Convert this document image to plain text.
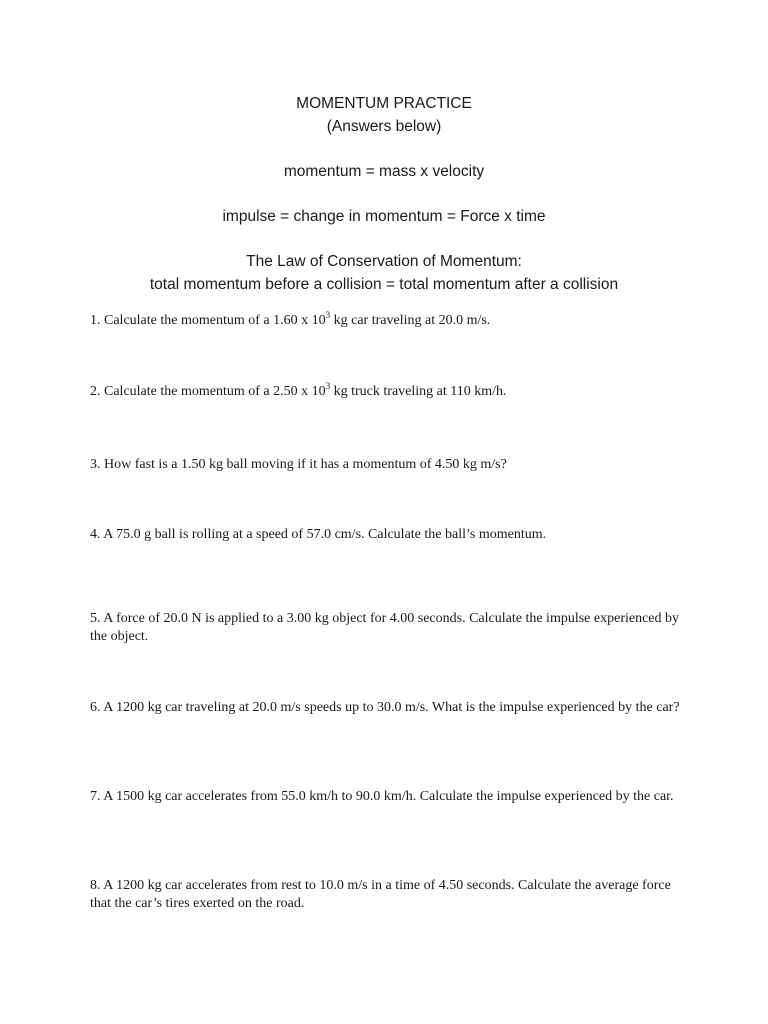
MOMENTUM PRACTICE
(Answers below)
momentum = mass x velocity
impulse = change in momentum = Force x time
The Law of Conservation of Momentum:
total momentum before a collision = total momentum after a collision
1. Calculate the momentum of a 1.60 x $10^3$ kg car traveling at 20.0 m/s.
2. Calculate the momentum of a 2.50 x $10^3$ kg truck traveling at 110 km/h.
3. How fast is a 1.50 kg ball moving if it has a momentum of 4.50 kg m/s?
4. A 75.0 g ball is rolling at a speed of 57.0 cm/s. Calculate the ball’s momentum.
5. A force of 20.0 N is applied to a 3.00 kg object for 4.00 seconds. Calculate the impulse experienced by the object.
6. A 1200 kg car traveling at 20.0 m/s speeds up to 30.0 m/s. What is the impulse experienced by the car?
7. A 1500 kg car accelerates from 55.0 km/h to 90.0 km/h. Calculate the impulse experienced by the car.
8. A 1200 kg car accelerates from rest to 10.0 m/s in a time of 4.50 seconds. Calculate the average force that the car’s tires exerted on the road.
